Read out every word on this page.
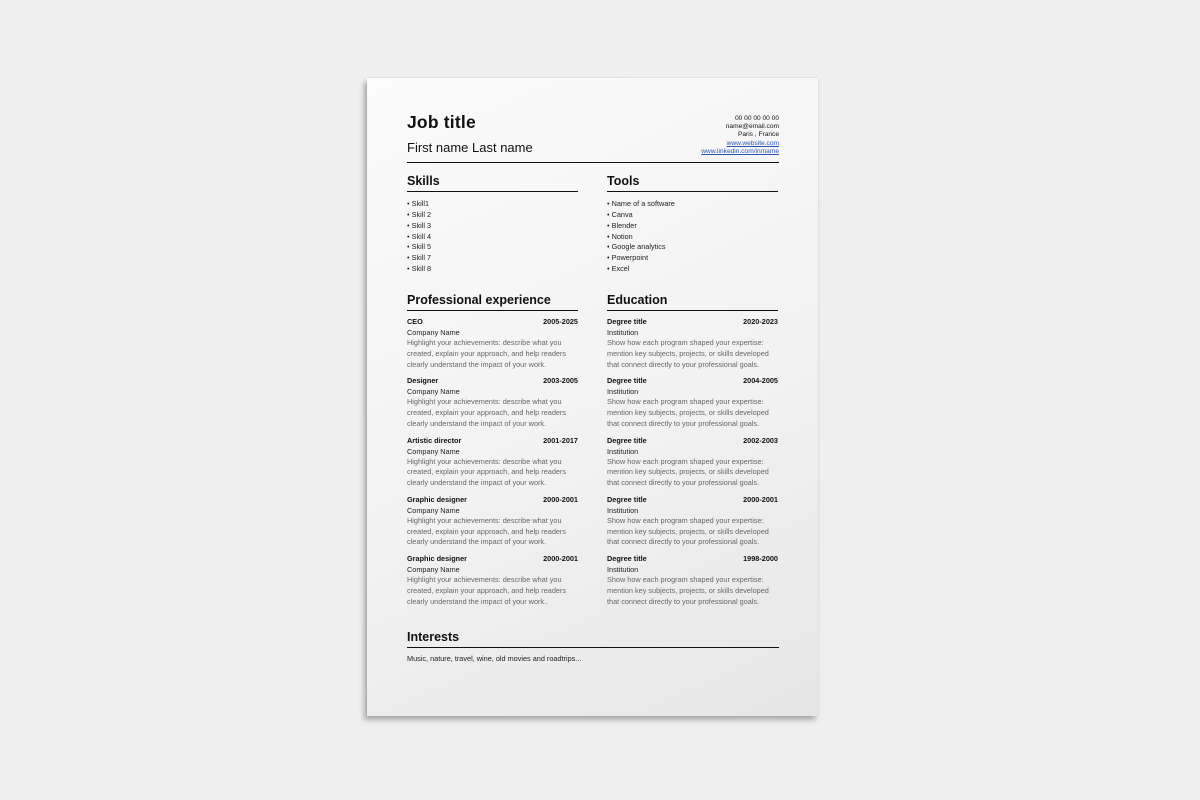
Job title
First name Last name
00 00 00 00 00
name@email.com
Paris , France
www.website.com
www.linkedin.com/in/name
Skills
• Skill1
• Skill 2
• Skill 3
• Skill 4
• Skill 5
• Skill 7
• Skill 8
Tools
• Name of a software
• Canva
• Blender
• Notion
• Google analytics
• Powerpoint
• Excel
Professional experience
CEO	2005-2025
Company Name
Highlight your achievements: describe what you created, explain your approach, and help readers clearly understand the impact of your work.
Designer	2003-2005
Company Name
Highlight your achievements: describe what you created, explain your approach, and help readers clearly understand the impact of your work.
Artistic director	2001-2017
Company Name
Highlight your achievements: describe what you created, explain your approach, and help readers clearly understand the impact of your work.
Graphic designer	2000-2001
Company Name
Highlight your achievements: describe what you created, explain your approach, and help readers clearly understand the impact of your work.
Graphic designer	2000-2001
Company Name
Highlight your achievements: describe what you created, explain your approach, and help readers clearly understand the impact of your work..
Education
Degree title	2020-2023
Institution
Show how each program shaped your expertise: mention key subjects, projects, or skills developed that connect directly to your professional goals.
Degree title	2004-2005
Institution
Show how each program shaped your expertise: mention key subjects, projects, or skills developed that connect directly to your professional goals.
Degree title	2002-2003
Institution
Show how each program shaped your expertise: mention key subjects, projects, or skills developed that connect directly to your professional goals.
Degree title	2000-2001
Institution
Show how each program shaped your expertise: mention key subjects, projects, or skills developed that connect directly to your professional goals.
Degree title	1998-2000
Institution
Show how each program shaped your expertise: mention key subjects, projects, or skills developed that connect directly to your professional goals.
Interests
Music, nature, travel, wine, old movies and roadtrips...
